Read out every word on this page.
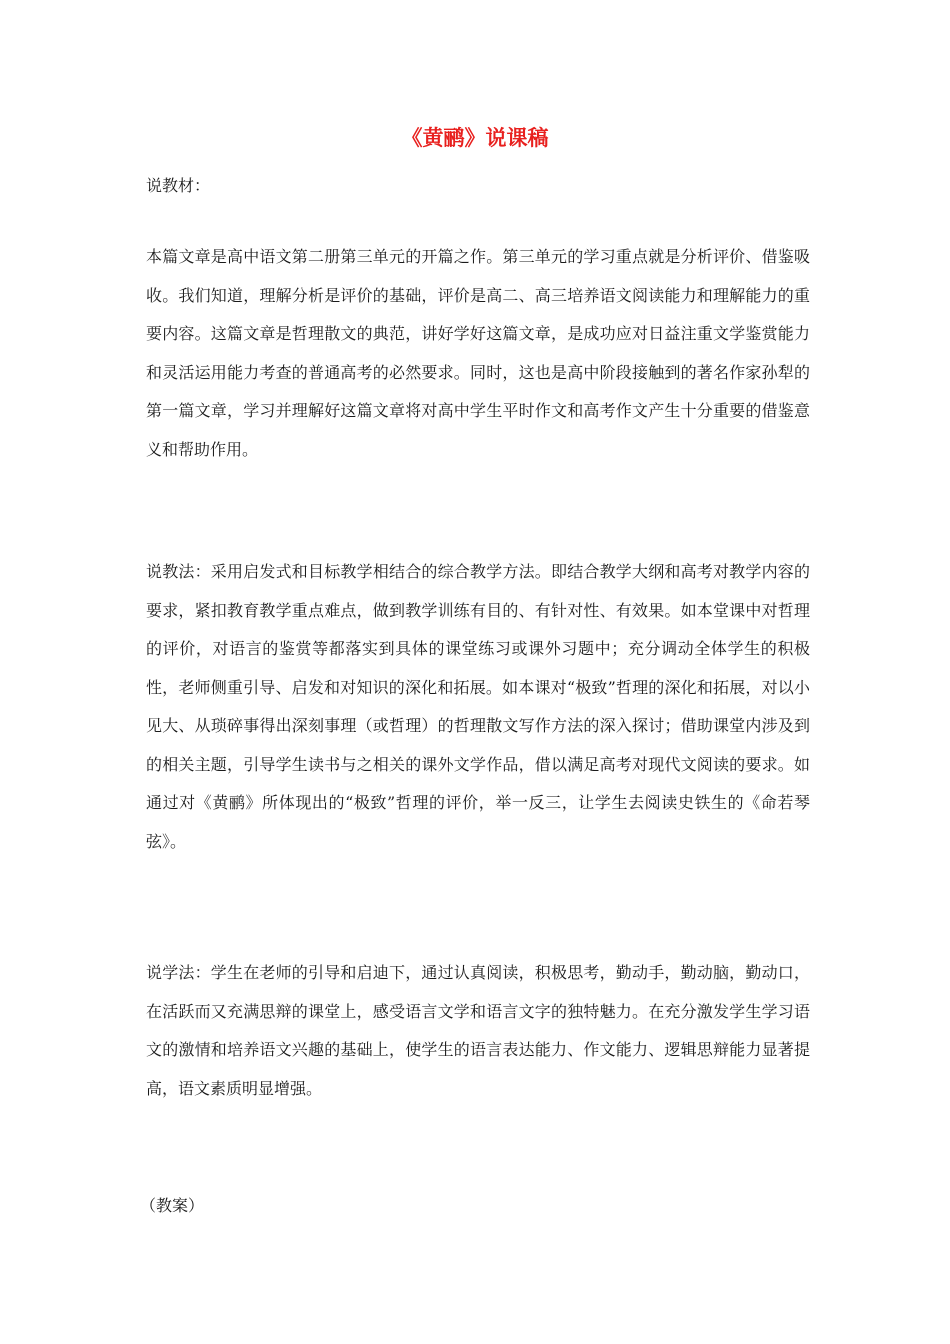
《黄鹂》说课稿

说教材：

本篇文章是高中语文第二册第三单元的开篇之作。第三单元的学习重点就是分析评价、借鉴吸收。我们知道，理解分析是评价的基础，评价是高二、高三培养语文阅读能力和理解能力的重要内容。这篇文章是哲理散文的典范，讲好学好这篇文章，是成功应对日益注重文学鉴赏能力和灵活运用能力考查的普通高考的必然要求。同时，这也是高中阶段接触到的著名作家孙犁的第一篇文章，学习并理解好这篇文章将对高中学生平时作文和高考作文产生十分重要的借鉴意义和帮助作用。

说教法：采用启发式和目标教学相结合的综合教学方法。即结合教学大纲和高考对教学内容的要求，紧扣教育教学重点难点，做到教学训练有目的、有针对性、有效果。如本堂课中对哲理的评价，对语言的鉴赏等都落实到具体的课堂练习或课外习题中；充分调动全体学生的积极性，老师侧重引导、启发和对知识的深化和拓展。如本课对“极致”哲理的深化和拓展，对以小见大、从琐碎事得出深刻事理（或哲理）的哲理散文写作方法的深入探讨；借助课堂内涉及到的相关主题，引导学生读书与之相关的课外文学作品，借以满足高考对现代文阅读的要求。如通过对《黄鹂》所体现出的“极致”哲理的评价，举一反三，让学生去阅读史铁生的《命若琴弦》。

说学法：学生在老师的引导和启迪下，通过认真阅读，积极思考，勤动手，勤动脑，勤动口，在活跃而又充满思辩的课堂上，感受语言文学和语言文字的独特魅力。在充分激发学生学习语文的激情和培养语文兴趣的基础上，使学生的语言表达能力、作文能力、逻辑思辩能力显著提高，语文素质明显增强。

（教案）
